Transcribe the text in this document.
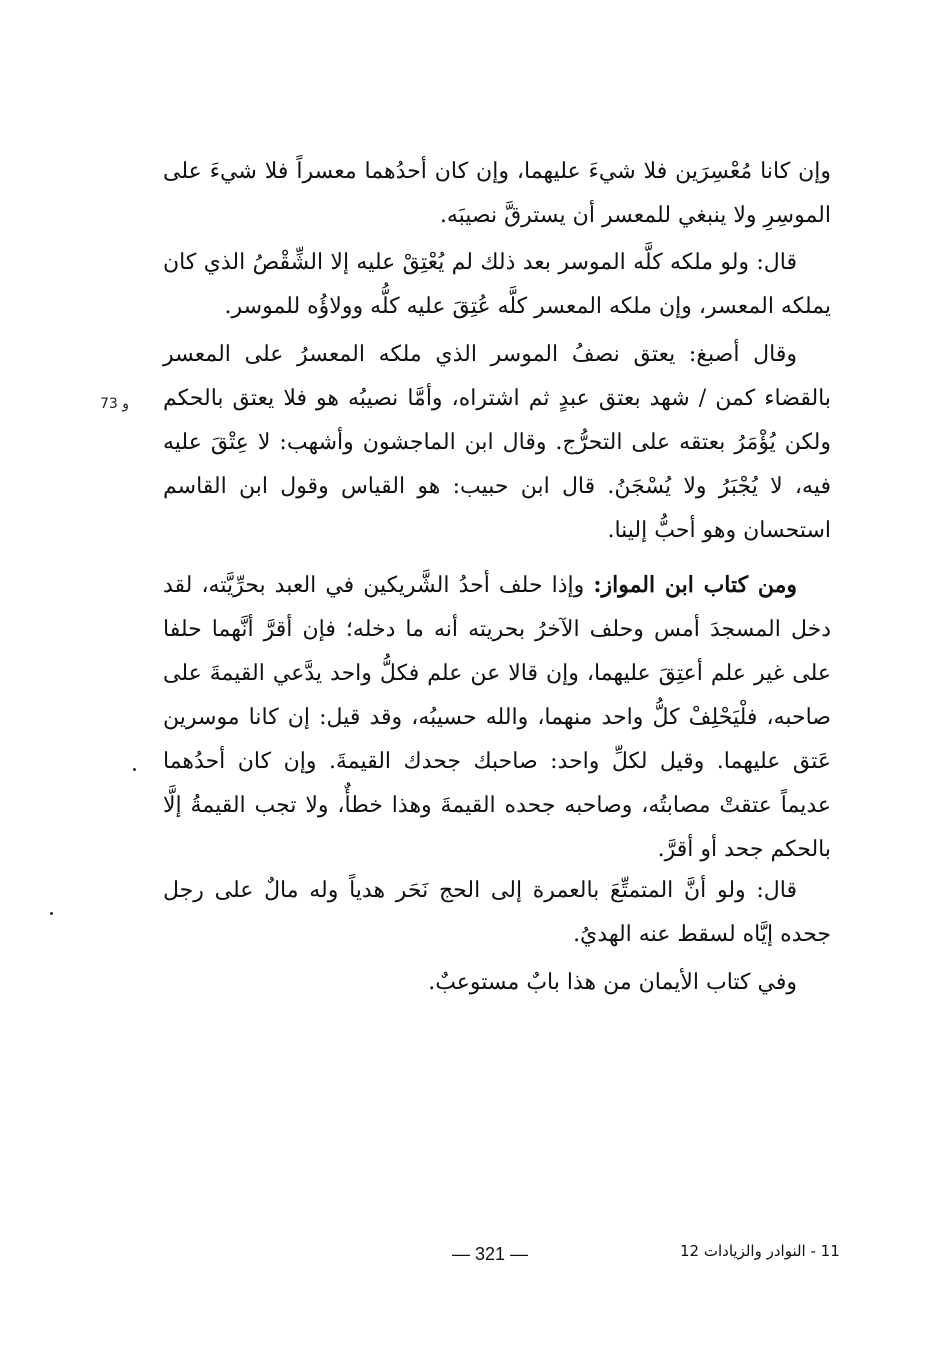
وإن كانا مُعْسِرَين فلا شيءَ عليهما، وإن كان أحدُهما معسراً فلا شيءَ على الموسِرِ ولا ينبغي للمعسر أن يسترقَّ نصيبَه.

قال: ولو ملكه كلَّه الموسر بعد ذلك لم يُعْتِقْ عليه إلا الشِّقْصُ الذي كان يملكه المعسر، وإن ملكه المعسر كلَّه عُتِقَ عليه كلُّه وولاؤُه للموسر.

وقال أصبغ: يعتق نصفُ الموسر الذي ملكه المعسرُ على المعسر بالقضاء كمن / شهد بعتق عبدٍ ثم اشتراه، وأمَّا نصيبُه هو فلا يعتق بالحكم ولكن يُؤْمَرُ بعتقه على التحرُّج. وقال ابن الماجشون وأشهب: لا عِتْقَ عليه فيه، لا يُجْبَرُ ولا يُسْجَنُ. قال ابن حبيب: هو القياس وقول ابن القاسم استحسان وهو أحبُّ إلينا.

73 و

ومن كتاب ابن المواز: وإذا حلف أحدُ الشَّريكين في العبد بحرِّيَّته، لقد دخل المسجدَ أمس وحلف الآخرُ بحريته أنه ما دخله؛ فإن أقرَّ أنَّهما حلفا على غير علم أعتِقَ عليهما، وإن قالا عن علم فكلُّ واحد يدَّعي القيمةَ على صاحبه، فلْيَحْلِفْ كلُّ واحد منهما، والله حسيبُه، وقد قيل: إن كانا موسرين عَتق عليهما. وقيل لكلِّ واحد: صاحبك جحدك القيمةَ. وإن كان أحدُهما عديماً عتقتْ مصابتُه، وصاحبه جحده القيمةَ وهذا خطأٌ، ولا تجب القيمةُ إلَّا بالحكم جحد أو أقرَّ.

قال: ولو أنَّ المتمتِّعَ بالعمرة إلى الحج نَحَر هدياً وله مالٌ على رجل جحده إيَّاه لسقط عنه الهديُ.

وفي كتاب الأيمان من هذا بابٌ مستوعبٌ.

— 321 —	11 - النوادر والزيادات 12
